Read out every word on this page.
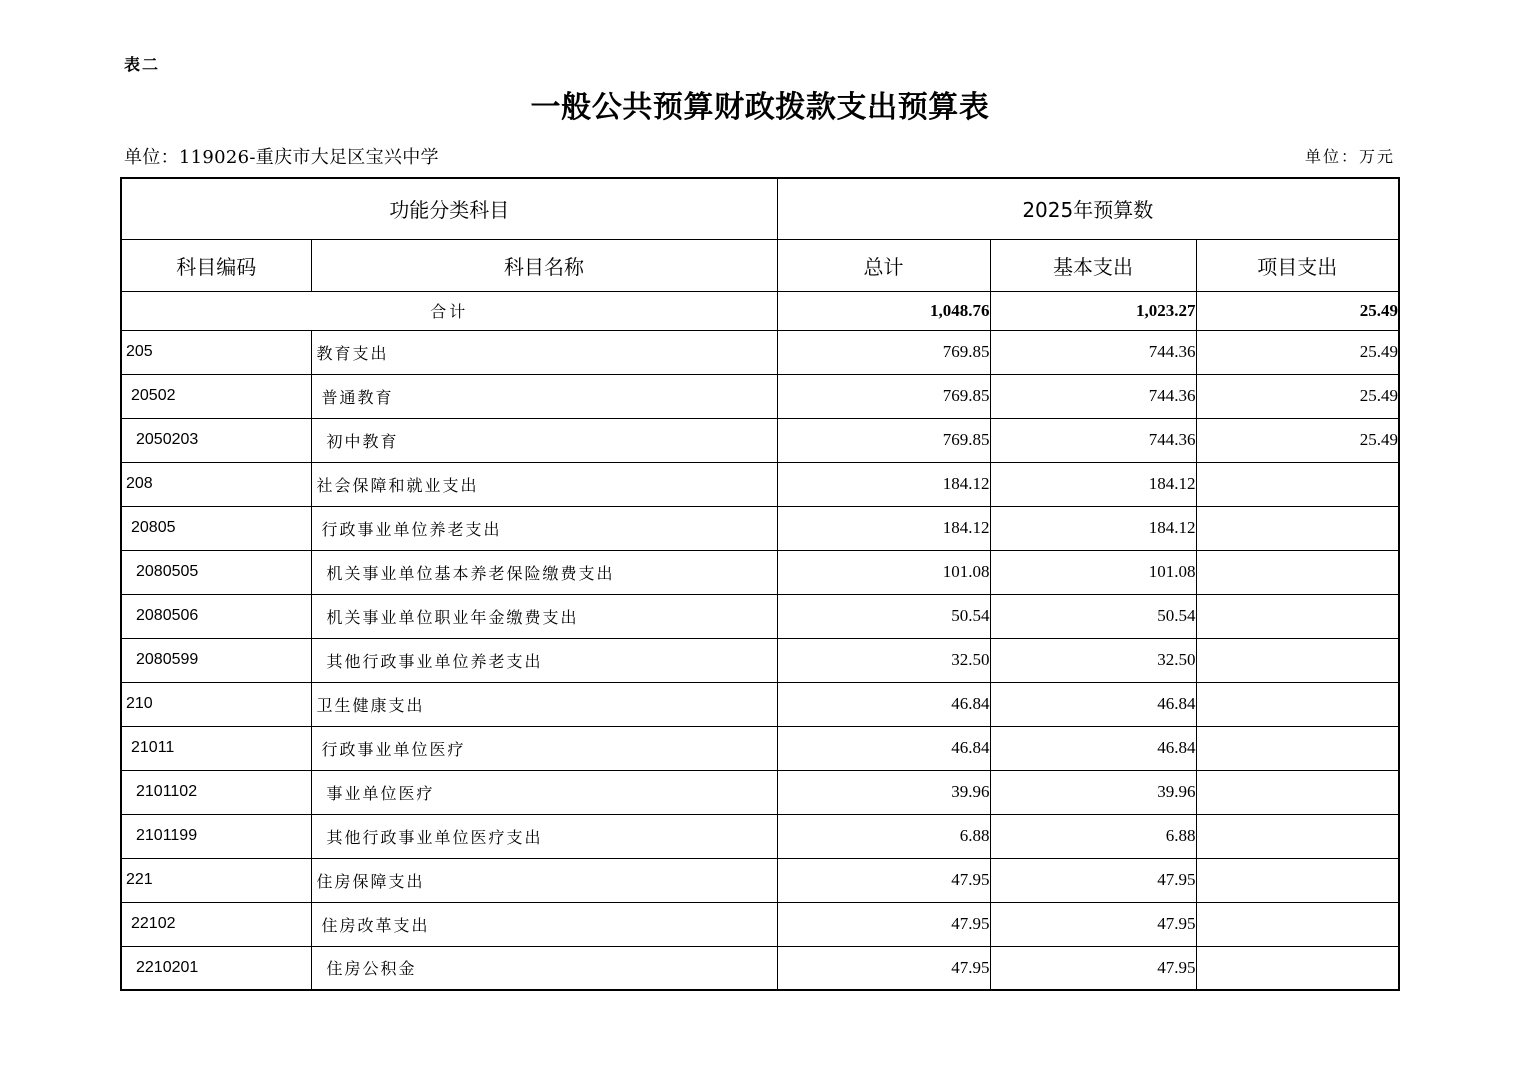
表二
一般公共预算财政拨款支出预算表
单位：119026-重庆市大足区宝兴中学	单位：万元
功能分类科目		2025年预算数		
科目编码	科目名称	总计	基本支出	项目支出
合计		1,048.76	1,023.27	25.49
205	教育支出	769.85	744.36	25.49
20502	普通教育	769.85	744.36	25.49
2050203	初中教育	769.85	744.36	25.49
208	社会保障和就业支出	184.12	184.12	
20805	行政事业单位养老支出	184.12	184.12	
2080505	机关事业单位基本养老保险缴费支出	101.08	101.08	
2080506	机关事业单位职业年金缴费支出	50.54	50.54	
2080599	其他行政事业单位养老支出	32.50	32.50	
210	卫生健康支出	46.84	46.84	
21011	行政事业单位医疗	46.84	46.84	
2101102	事业单位医疗	39.96	39.96	
2101199	其他行政事业单位医疗支出	6.88	6.88	
221	住房保障支出	47.95	47.95	
22102	住房改革支出	47.95	47.95	
2210201	住房公积金	47.95	47.95	
